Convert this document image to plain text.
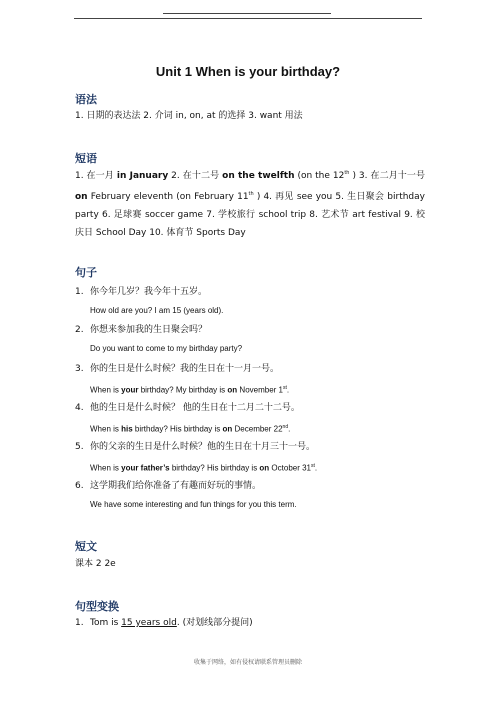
Unit 1 When is your birthday?
语法
1. 日期的表达法 2. 介词 in, on, at 的选择 3. want 用法
短语
1. 在一月 in January 2. 在十二号 on the twelfth (on the 12th ) 3. 在二月十一号 on February eleventh (on February 11th ) 4. 再见 see you 5. 生日聚会 birthday party 6. 足球赛 soccer game 7. 学校旅行 school trip 8. 艺术节 art festival 9. 校庆日 School Day 10. 体育节 Sports Day
句子
1. 你今年几岁？我今年十五岁。
How old are you? I am 15 (years old).
2. 你想来参加我的生日聚会吗？
Do you want to come to my birthday party?
3. 你的生日是什么时候？我的生日在十一月一号。
When is your birthday? My birthday is on November 1st.
4. 他的生日是什么时候？ 他的生日在十二月二十二号。
When is his birthday? His birthday is on December 22nd.
5. 你的父亲的生日是什么时候？他的生日在十月三十一号。
When is your father’s birthday? His birthday is on October 31st.
6. 这学期我们给你准备了有趣而好玩的事情。
We have some interesting and fun things for you this term.
短文
课本 2 2e
句型变换
1. Tom is 15 years old. (对划线部分提问)
收集于网络，如有侵权请联系管理员删除
